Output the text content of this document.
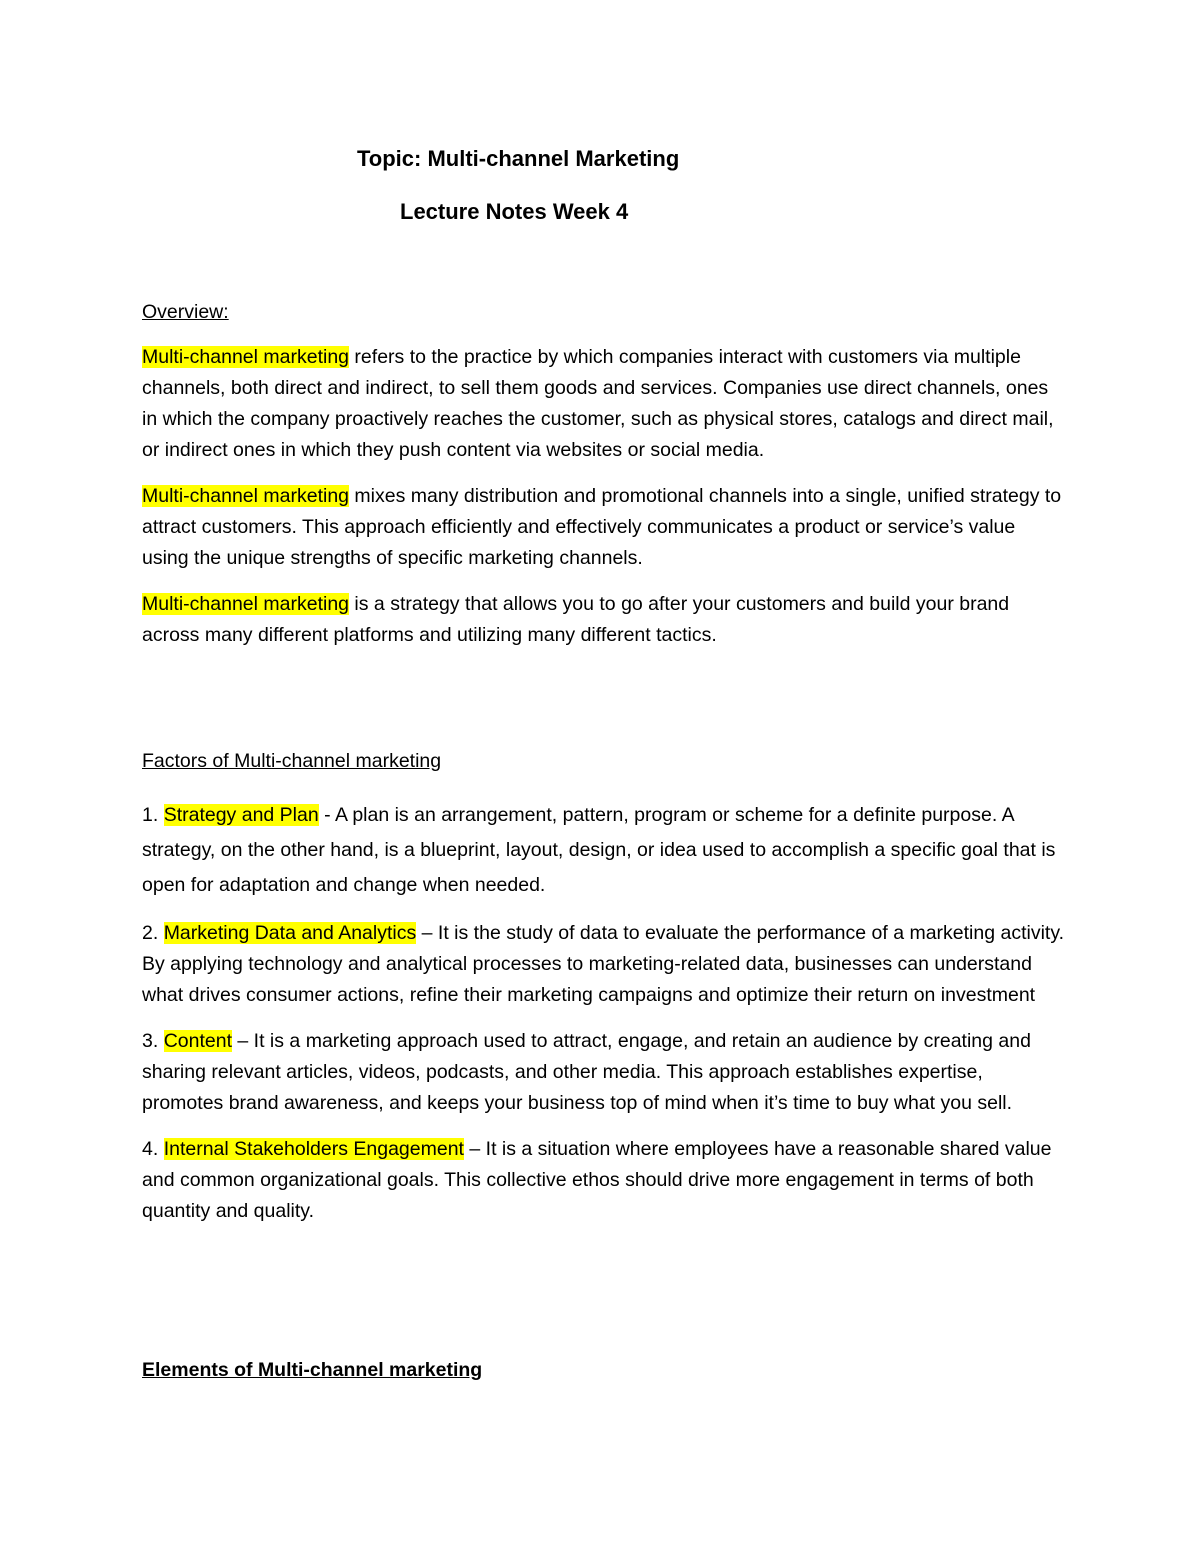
Topic: Multi-channel Marketing
Lecture Notes Week 4
Overview:

Multi-channel marketing refers to the practice by which companies interact with customers via multiple channels, both direct and indirect, to sell them goods and services. Companies use direct channels, ones in which the company proactively reaches the customer, such as physical stores, catalogs and direct mail, or indirect ones in which they push content via websites or social media.

Multi-channel marketing mixes many distribution and promotional channels into a single, unified strategy to attract customers. This approach efficiently and effectively communicates a product or service’s value using the unique strengths of specific marketing channels.

Multi-channel marketing is a strategy that allows you to go after your customers and build your brand across many different platforms and utilizing many different tactics.

Factors of Multi-channel marketing

1. Strategy and Plan - A plan is an arrangement, pattern, program or scheme for a definite purpose. A strategy, on the other hand, is a blueprint, layout, design, or idea used to accomplish a specific goal that is open for adaptation and change when needed.

2. Marketing Data and Analytics – It is the study of data to evaluate the performance of a marketing activity. By applying technology and analytical processes to marketing-related data, businesses can understand what drives consumer actions, refine their marketing campaigns and optimize their return on investment

3. Content – It is a marketing approach used to attract, engage, and retain an audience by creating and sharing relevant articles, videos, podcasts, and other media. This approach establishes expertise, promotes brand awareness, and keeps your business top of mind when it’s time to buy what you sell.

4. Internal Stakeholders Engagement – It is a situation where employees have a reasonable shared value and common organizational goals. This collective ethos should drive more engagement in terms of both quantity and quality.

Elements of Multi-channel marketing
